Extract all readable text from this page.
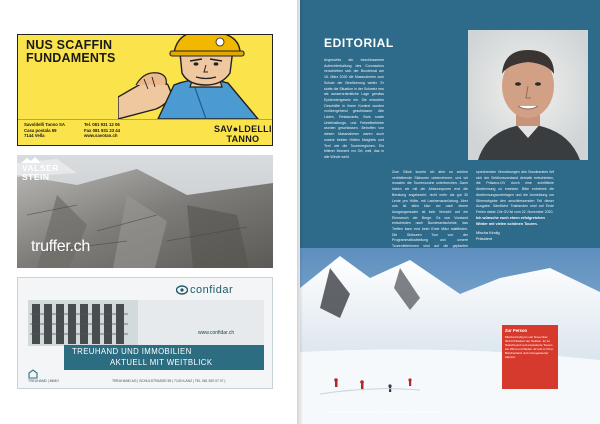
NUS SCAFFIN FUNDAMENTS
Savoldelli Tanno SA
Casa postala 59
7144 Vella
Tel. 081 931 12 06
Fax 081 931 23 44
www.savotan.ch
SAV●LDELLI
TANNO
VALSER
STEIN
truffer.ch
confidar
www.confidar.ch
TREUHAND UND IMMOBILIEN
AKTUELL MIT WEITBLICK
TREUHAND | IMMO	TREUHAND AG | SCHULSTRASSE 59 | 7130 ILANZ | TEL 081 920 07 07 |
EDITORIAL

Angesichts der beschlossenen Aufrechterhaltung des Coronavirus verschieben sich der Bundesrat am 16. März 2020 die Massnahmen zum Schutz der Bevölkerung weiter. Er stufte die Situation in der Schweiz neu als ausserordentliche Lage gemäss Epidemiengesetz ein. Die erlaubten Geschäfte in ihrem Kontext wurden vorübergehend geschlossen. Alle Läden, Restaurants, Bars sowie Unterhaltungs- und Freizeitbetriebe wurden geschlossen. Betroffen von diesen Massnahmen waren auch unsere beiden Hütten Maighels und Terri wie die Tourenregionen. Ein bitterer Moment vor Ort, weil, das in alle Winde weht.

Zum Glück konnte ich aber so schöne verbleibende Skitouren unternehmen, und wir mussten die Tourenwoche unterbrechen. Dann haben wir mit der Absturzspuren erst die Beratung angebracht, nicht mehr als gut 30 Leute pro Hütte, mit Lawinenausrüstung. Aber uns ist allen klar: wo nach einem Ausgangsmuster ist kein Verzicht auf ein Einmarsch der Berge. Es war Vorstand entschieden nach Bundesentscheide, das Treffen kann erst beim Ende März stattfinden. Die Skitouren Tour von der Programmatikabteilung und unsere Tourenleiterinnen sind auf die geplanten

sprechenden Verordnungen des Bundesrates lief sich der Sektionsvorstand deshalb entschieden, die Präsenz-GV durch eine schriftliche Abstimmung zu ersetzen. Bitte entnehmt die Abstimmungsunterlagen und die Anmeldung zur Stimmabgabe den anschliessenden Teil dieser Ausgabe. Sämtliche Traktanden sind auf Ende Ferien dabei. Die GV ist vom 22. November 2020.

Ich wünsche euch einen erfolgreichen Winter mit vielen schönen Touren.
Mischa Kindig
Präsident
Zur Person
Mischa Kindig ist seit November 2014 Präsident der Sektion. Er ist Naturfreund und erwanderte Touren bei Wind und Wetter. Er lebt in Chur, Bündnerland und ist begeisterter Alpinist.
Piz Palü: Blick vom Piz Palü auf den Gipfel mit den Berggipfeln Dossier / Foto: Mischa Kindig	3
